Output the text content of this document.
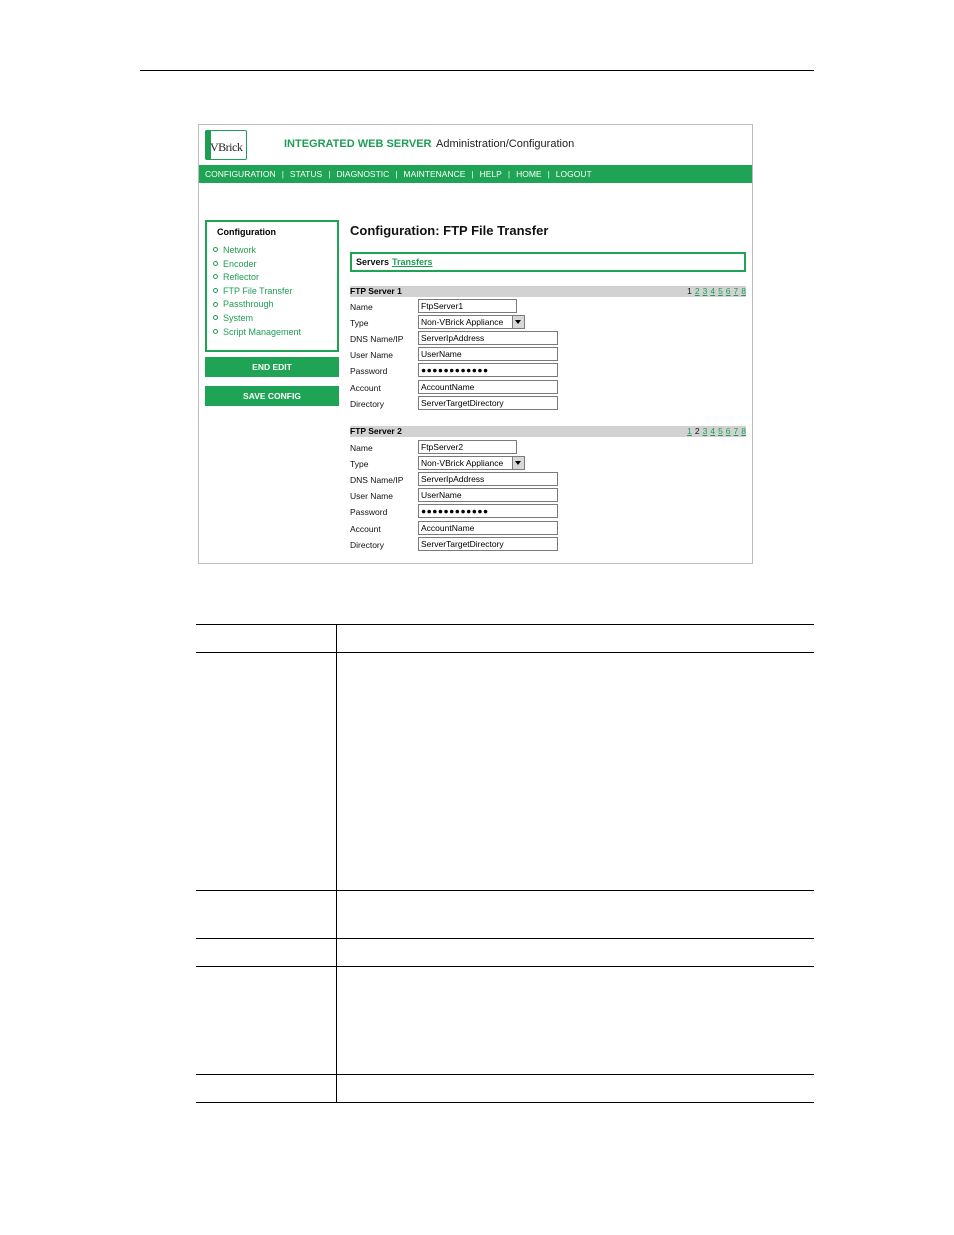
VBrick	INTEGRATED WEB SERVER Administration/Configuration
CONFIGURATION | STATUS | DIAGNOSTIC | MAINTENANCE | HELP | HOME | LOGOUT
Configuration
Network
Encoder
Reflector
FTP File Transfer
Passthrough
System
Script Management
END EDIT
SAVE CONFIG
Configuration: FTP File Transfer
Servers Transfers
FTP Server 1	1 2 3 4 5 6 7 8
Name	FtpServer1
Type	Non-VBrick Appliance
DNS Name/IP	ServerIpAddress
User Name	UserName
Password	●●●●●●●●●●●●
Account	AccountName
Directory	ServerTargetDirectory
FTP Server 2	1 2 3 4 5 6 7 8
Name	FtpServer2
Type	Non-VBrick Appliance
DNS Name/IP	ServerIpAddress
User Name	UserName
Password	●●●●●●●●●●●●
Account	AccountName
Directory	ServerTargetDirectory
